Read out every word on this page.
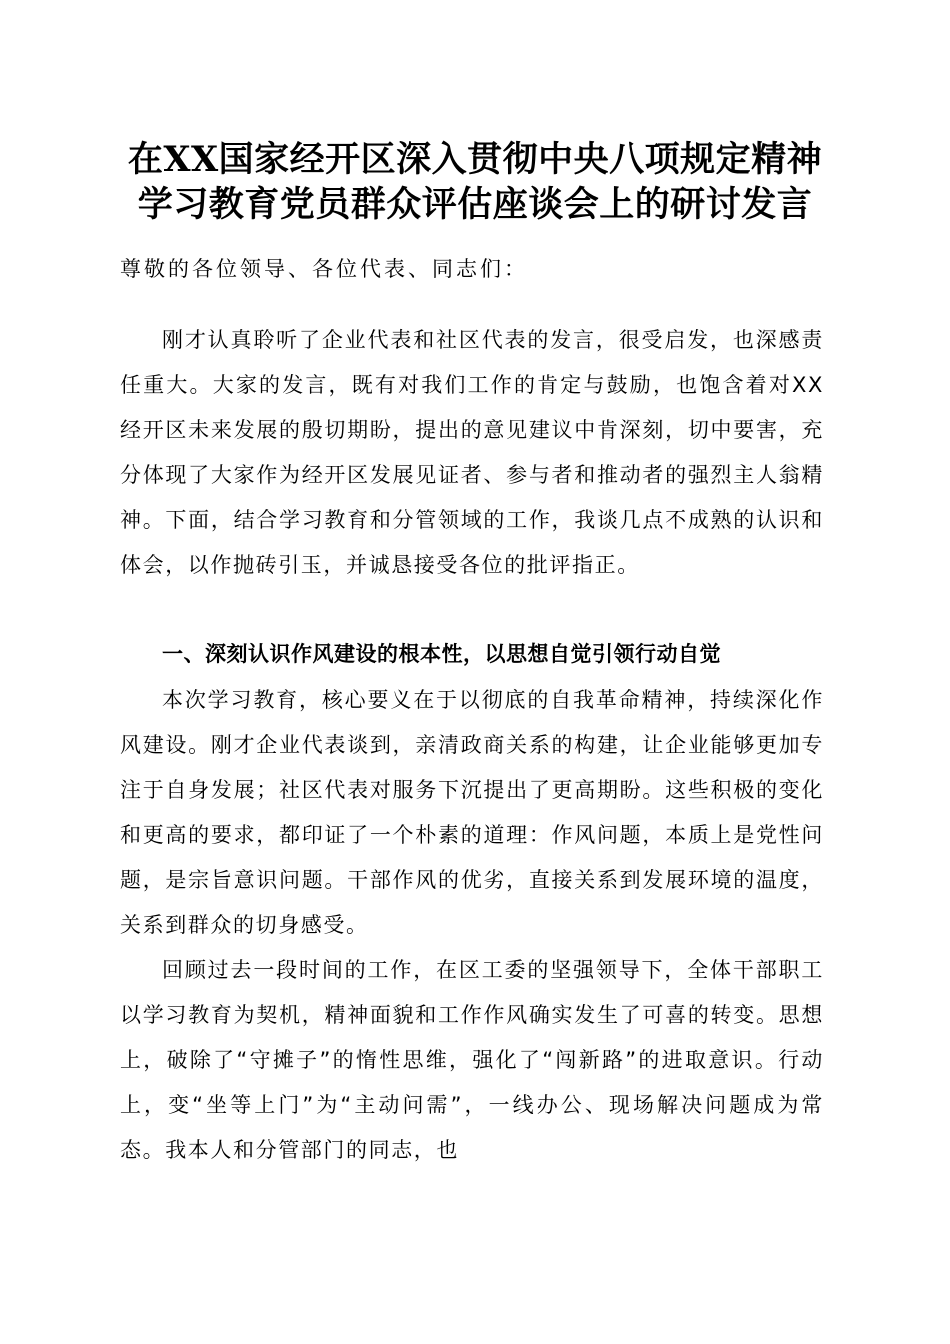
在XX国家经开区深入贯彻中央八项规定精神
学习教育党员群众评估座谈会上的研讨发言
尊敬的各位领导、各位代表、同志们：

刚才认真聆听了企业代表和社区代表的发言，很受启发，也深感责任重大。大家的发言，既有对我们工作的肯定与鼓励，也饱含着对XX经开区未来发展的殷切期盼，提出的意见建议中肯深刻，切中要害，充分体现了大家作为经开区发展见证者、参与者和推动者的强烈主人翁精神。下面，结合学习教育和分管领域的工作，我谈几点不成熟的认识和体会，以作抛砖引玉，并诚恳接受各位的批评指正。

一、深刻认识作风建设的根本性，以思想自觉引领行动自觉

本次学习教育，核心要义在于以彻底的自我革命精神，持续深化作风建设。刚才企业代表谈到，亲清政商关系的构建，让企业能够更加专注于自身发展；社区代表对服务下沉提出了更高期盼。这些积极的变化和更高的要求，都印证了一个朴素的道理：作风问题，本质上是党性问题，是宗旨意识问题。干部作风的优劣，直接关系到发展环境的温度，关系到群众的切身感受。

回顾过去一段时间的工作，在区工委的坚强领导下，全体干部职工以学习教育为契机，精神面貌和工作作风确实发生了可喜的转变。思想上，破除了“守摊子”的惰性思维，强化了“闯新路”的进取意识。行动上，变“坐等上门”为“主动问需”，一线办公、现场解决问题成为常态。我本人和分管部门的同志，也
